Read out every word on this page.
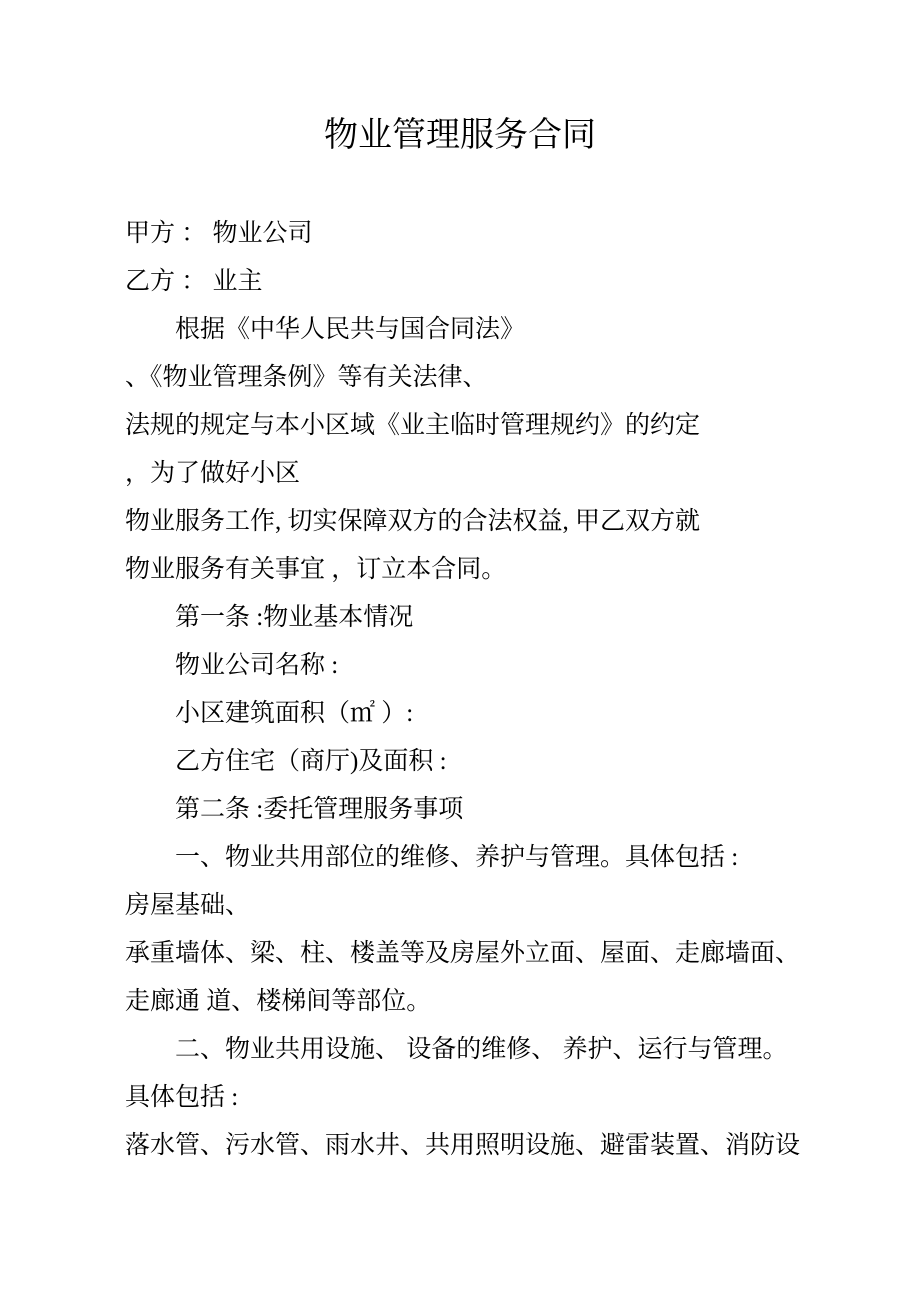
物业管理服务合同
甲方 ： 物业公司
乙方 ： 业主
根据《中华人民共与国合同法》
、《物业管理条例》等有关法律、
法规的规定与本小区域《业主临时管理规约》的约定
，为了做好小区
物业服务工作, 切实保障双方的合法权益, 甲乙双方就
物业服务有关事宜 ，订立本合同。
第一条 :物业基本情况
物业公司名称 :
小区建筑面积（㎡ ）:
乙方住宅（商厅)及面积 :
第二条 :委托管理服务事项
一、物业共用部位的维修、养护与管理。具体包括 :
房屋基础、
承重墙体、梁、柱、楼盖等及房屋外立面、屋面、走廊墙面、
走廊通 道、楼梯间等部位。
二、物业共用设施、 设备的维修、 养护、运行与管理。
具体包括 :
落水管、污水管、雨水井、共用照明设施、避雷装置、消防设
